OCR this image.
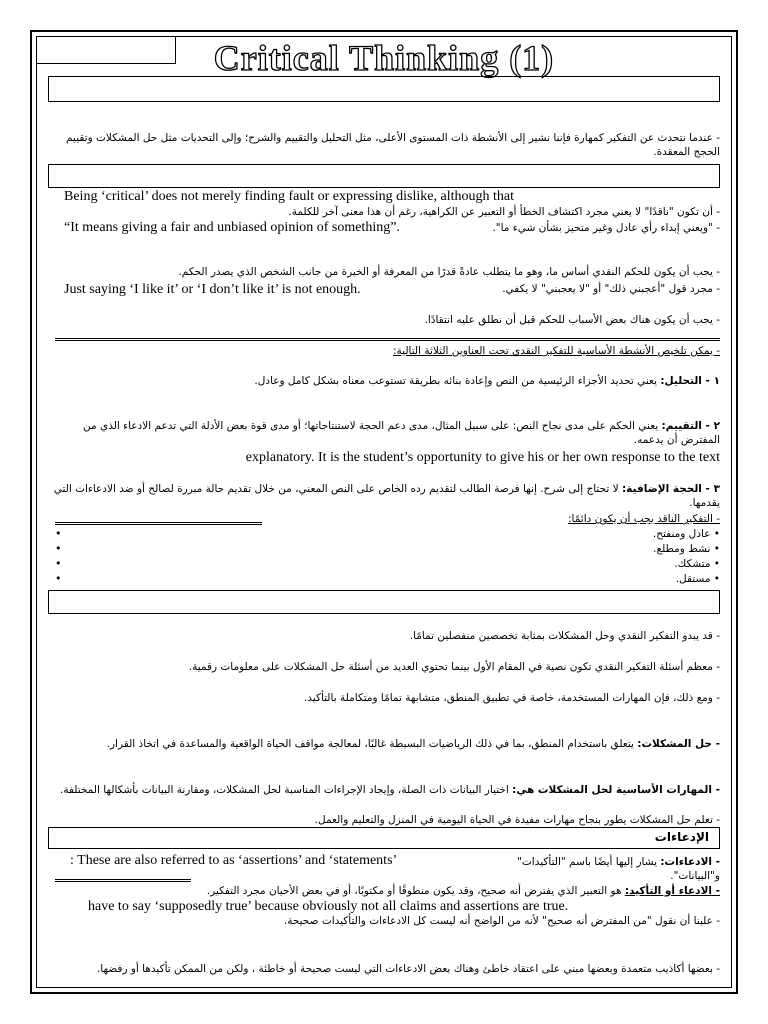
Critical Thinking (1)
- عندما نتحدث عن التفكير كمهارة فإننا نشير إلى الأنشطة ذات المستوى الأعلى، مثل التحليل والتقييم والشرح؛ وإلى التحديات مثل حل المشكلات وتقييم الحجج المعقدة.
Being ‘critical’ does not merely finding fault or expressing dislike, although that
- أن تكون "ناقدًا" لا يعني مجرد اكتشاف الخطأ أو التعبير عن الكراهية، رغم أن هذا معنى آخر للكلمة.
“It means giving a fair and unbiased opinion of something”.	- "ويعني إبداء رأي عادل وغير متحيز بشأن شيء ما".
- يجب أن يكون للحكم النقدي أساس ما، وهو ما يتطلب عادةً قدرًا من المعرفة أو الخبرة من جانب الشخص الذي يصدر الحكم.
Just saying ‘I like it’ or ‘I don’t like it’ is not enough.	- مجرد قول "أعجبني ذلك" أو "لا يعجبني" لا يكفي.
- يجب أن يكون هناك بعض الأسباب للحكم قبل أن نطلق عليه انتقادًا.
- يمكن تلخيص الأنشطة الأساسية للتفكير النقدي تحت العناوين الثلاثة التالية:
١ - التحليل: يعني تحديد الأجزاء الرئيسية من النص وإعادة بنائه بطريقة تستوعب معناه بشكل كامل وعادل.
٢ - التقييم: يعني الحكم على مدى نجاح النص: على سبيل المثال، مدى دعم الحجة لاستنتاجاتها؛ أو مدى قوة بعض الأدلة التي تدعم الادعاء الذي من المفترض أن يدعمه.
explanatory. It is the student’s opportunity to give his or her own response to the text
٣ - الحجة الإضافية: لا تحتاج إلى شرح. إنها فرصة الطالب لتقديم رده الخاص على النص المعني، من خلال تقديم حالة مبررة لصالح أو ضد الادعاءات التي يقدمها.
- التفكير الناقد يجب أن يكون دائمًا:
• عادل ومنفتح.
• نشط ومطلع.
• متشكك.
• مستقل.
•
•
•
•
- قد يبدو التفكير النقدي وحل المشكلات بمثابة تخصصين منفصلين تمامًا.
- معظم أسئلة التفكير النقدي تكون نصية في المقام الأول بينما تحتوي العديد من أسئلة حل المشكلات على معلومات رقمية.
- ومع ذلك، فإن المهارات المستخدمة، خاصة في تطبيق المنطق، متشابهة تمامًا ومتكاملة بالتأكيد.
- حل المشكلات: يتعلق باستخدام المنطق، بما في ذلك الرياضيات البسيطة غالبًا، لمعالجة مواقف الحياة الواقعية والمساعدة في اتخاذ القرار.
- المهارات الأساسية لحل المشكلات هي: اختيار البيانات ذات الصلة، وإيجاد الإجراءات المناسبة لحل المشكلات، ومقارنة البيانات بأشكالها المختلفة.
- تعلم حل المشكلات يطور بنجاح مهارات مفيدة في الحياة اليومية في المنزل والتعليم والعمل.
الإدعاءات
: These are also referred to as ‘assertions’ and ‘statements’	- الادعاءات: يشار إليها أيضًا باسم "التأكيدات" و"البيانات".
- الادعاء أو التأكيد: هو التعبير الذي يفترض أنه صحيح، وقد يكون منطوقًا أو مكتوبًا، أو في بعض الأحيان مجرد التفكير.
have to say ‘supposedly true’ because obviously not all claims and assertions are true.
- علينا أن نقول "من المفترض أنه صحيح" لأنه من الواضح أنه ليست كل الادعاءات والتأكيدات صحيحة.
- بعضها أكاذيب متعمدة وبعضها مبني على اعتقاد خاطئ وهناك بعض الادعاءات التي ليست صحيحة أو خاطئة ، ولكن من الممكن تأكيدها أو رفضها.
